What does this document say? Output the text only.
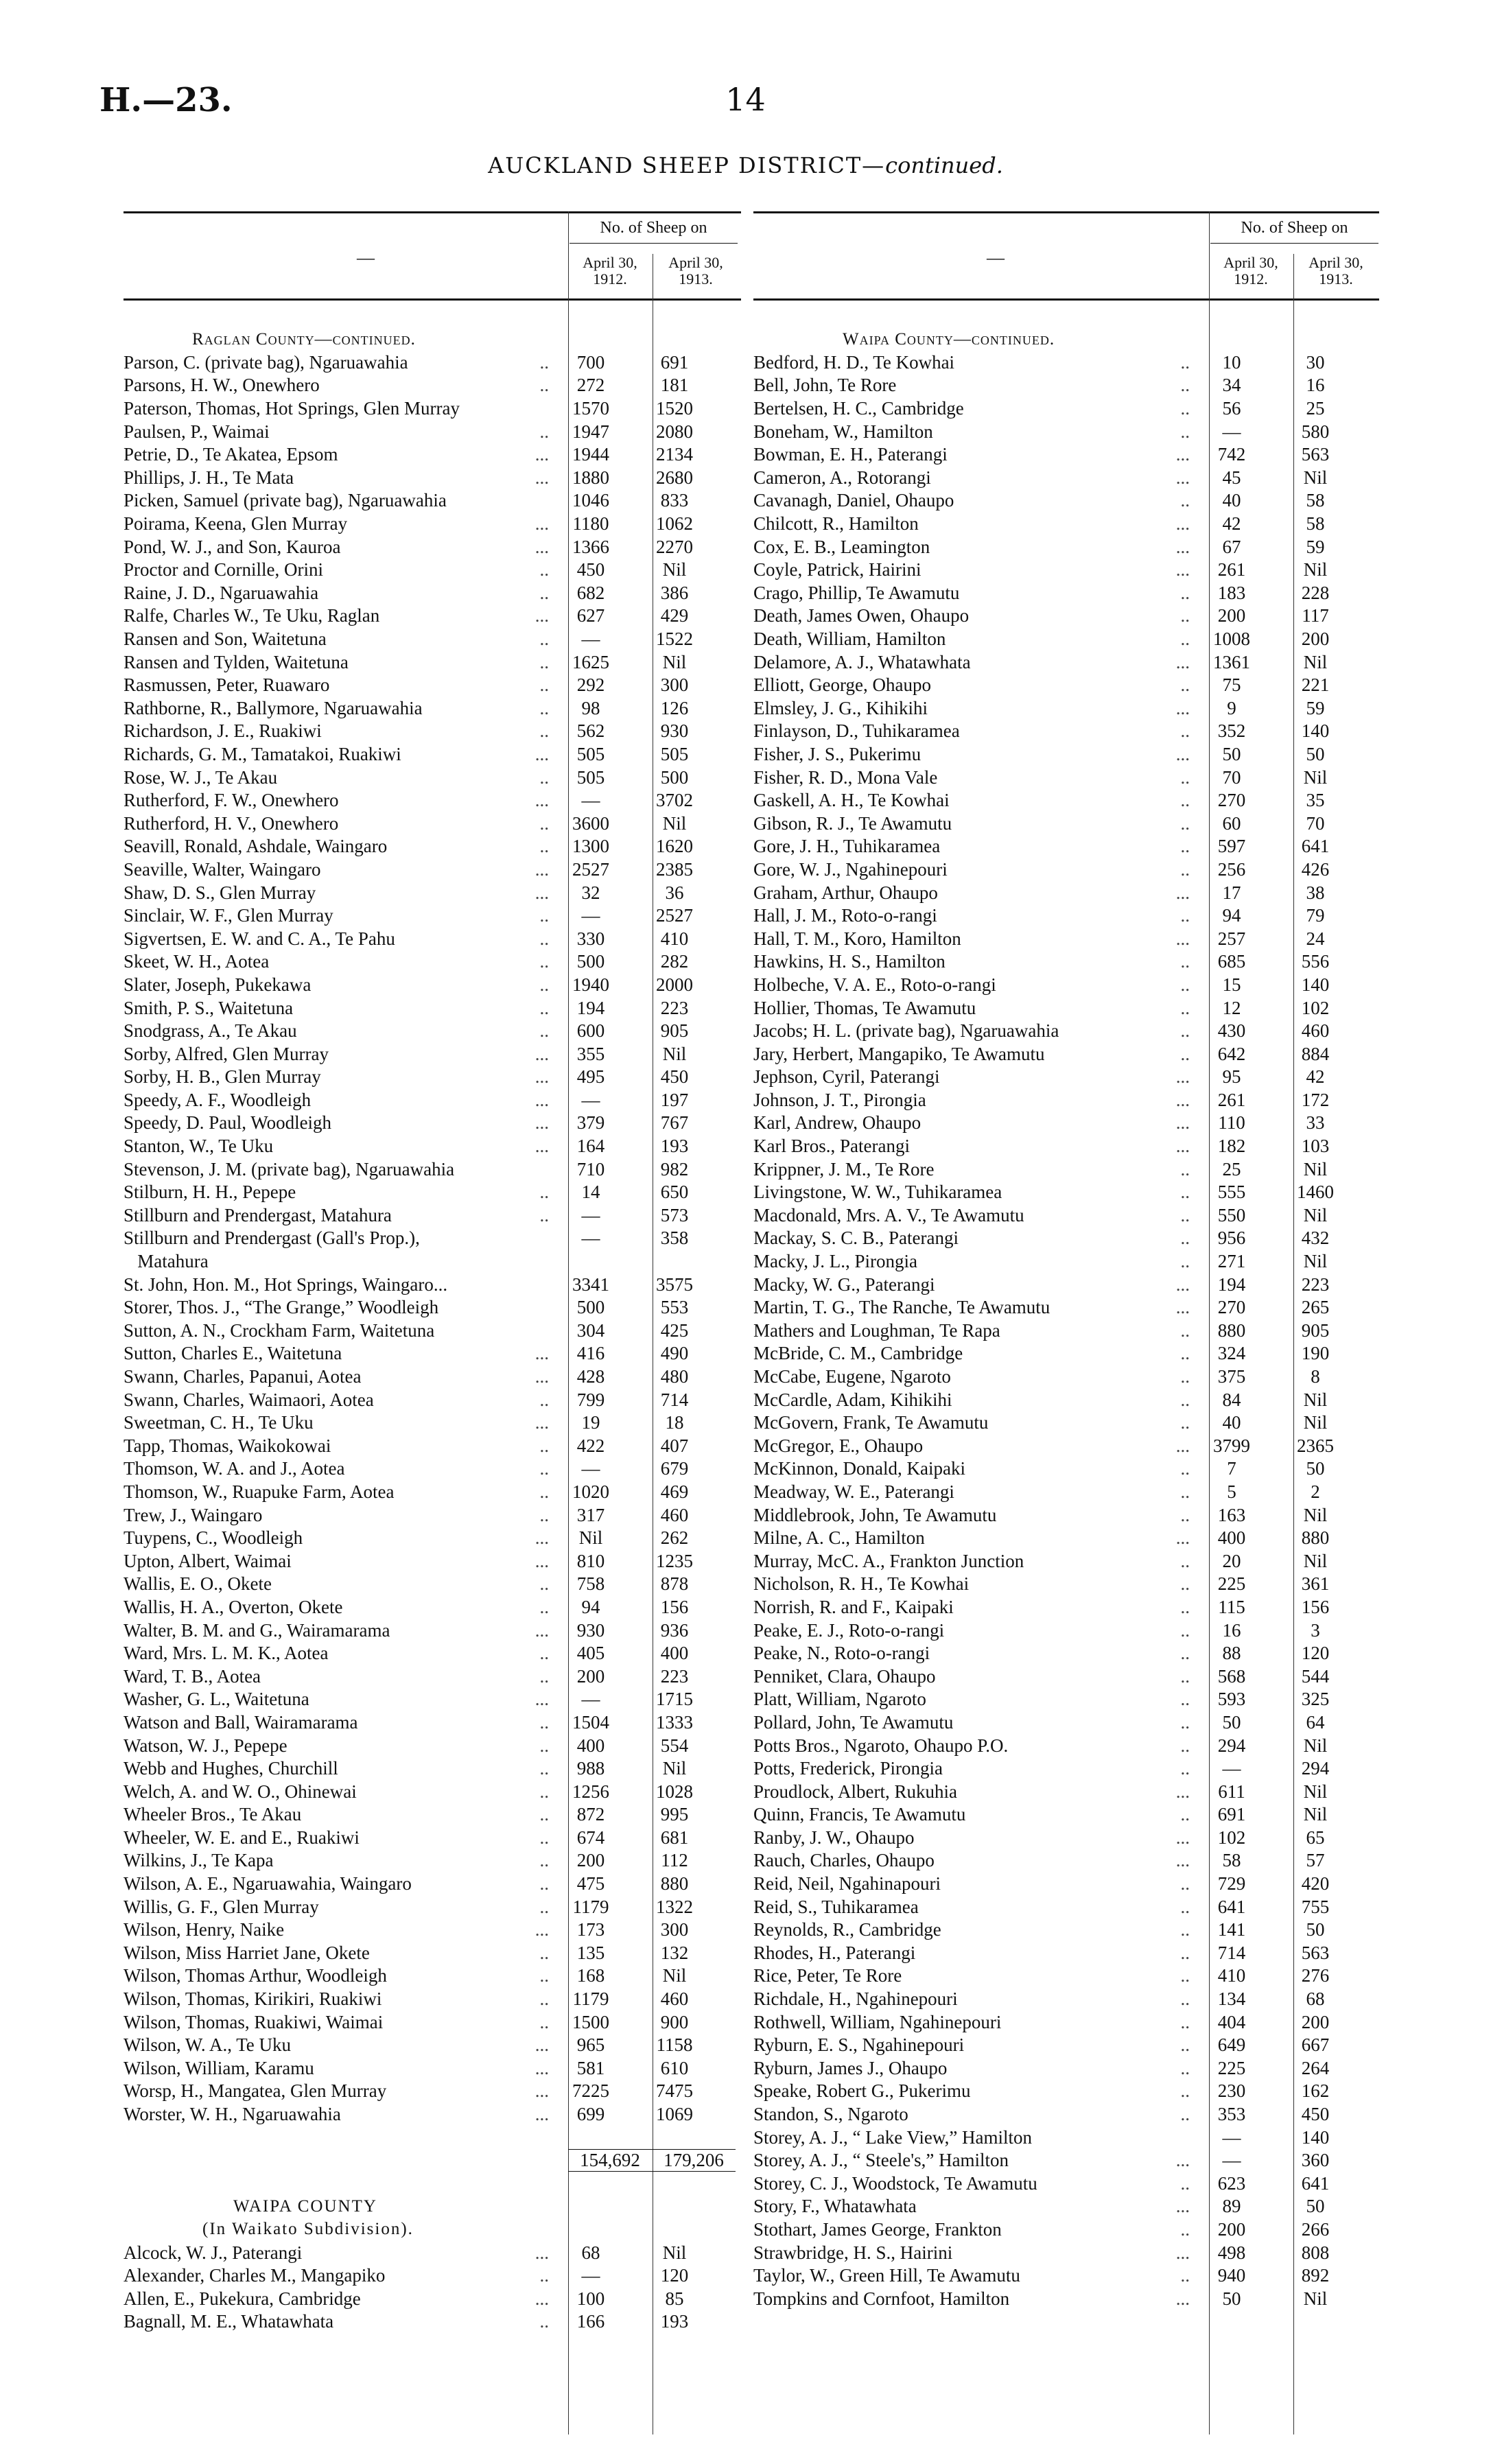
H.—23.	14
AUCKLAND SHEEP DISTRICT—continued.
—
No. of Sheep on
April 30, 1912.
April 30, 1913.
Raglan County—continued.
Parson, C. (private bag), Ngaruawahia	..	700	691
Parsons, H. W., Onewhero	..	272	181
Paterson, Thomas, Hot Springs, Glen Murray	1570	1520
Paulsen, P., Waimai	..	1947	2080
Petrie, D., Te Akatea, Epsom	...	1944	2134
Phillips, J. H., Te Mata	...	1880	2680
Picken, Samuel (private bag), Ngaruawahia	1046	833
Poirama, Keena, Glen Murray	...	1180	1062
Pond, W. J., and Son, Kauroa	...	1366	2270
Proctor and Cornille, Orini	..	450	Nil
Raine, J. D., Ngaruawahia	..	682	386
Ralfe, Charles W., Te Uku, Raglan	...	627	429
Ransen and Son, Waitetuna	..	—	1522
Ransen and Tylden, Waitetuna	..	1625	Nil
Rasmussen, Peter, Ruawaro	..	292	300
Rathborne, R., Ballymore, Ngaruawahia	..	98	126
Richardson, J. E., Ruakiwi	..	562	930
Richards, G. M., Tamatakoi, Ruakiwi	...	505	505
Rose, W. J., Te Akau	..	505	500
Rutherford, F. W., Onewhero	...	—	3702
Rutherford, H. V., Onewhero	..	3600	Nil
Seavill, Ronald, Ashdale, Waingaro	..	1300	1620
Seaville, Walter, Waingaro	...	2527	2385
Shaw, D. S., Glen Murray	...	32	36
Sinclair, W. F., Glen Murray	..	—	2527
Sigvertsen, E. W. and C. A., Te Pahu	..	330	410
Skeet, W. H., Aotea	..	500	282
Slater, Joseph, Pukekawa	..	1940	2000
Smith, P. S., Waitetuna	..	194	223
Snodgrass, A., Te Akau	..	600	905
Sorby, Alfred, Glen Murray	...	355	Nil
Sorby, H. B., Glen Murray	...	495	450
Speedy, A. F., Woodleigh	...	—	197
Speedy, D. Paul, Woodleigh	...	379	767
Stanton, W., Te Uku	...	164	193
Stevenson, J. M. (private bag), Ngaruawahia	710	982
Stilburn, H. H., Pepepe	..	14	650
Stillburn and Prendergast, Matahura	..	—	573
Stillburn and Prendergast (Gall's Prop.),	—	358
Matahura
St. John, Hon. M., Hot Springs, Waingaro...	3341	3575
Storer, Thos. J., “The Grange,” Woodleigh	500	553
Sutton, A. N., Crockham Farm, Waitetuna	304	425
Sutton, Charles E., Waitetuna	...	416	490
Swann, Charles, Papanui, Aotea	...	428	480
Swann, Charles, Waimaori, Aotea	..	799	714
Sweetman, C. H., Te Uku	...	19	18
Tapp, Thomas, Waikokowai	..	422	407
Thomson, W. A. and J., Aotea	..	—	679
Thomson, W., Ruapuke Farm, Aotea	..	1020	469
Trew, J., Waingaro	..	317	460
Tuypens, C., Woodleigh	...	Nil	262
Upton, Albert, Waimai	...	810	1235
Wallis, E. O., Okete	..	758	878
Wallis, H. A., Overton, Okete	..	94	156
Walter, B. M. and G., Wairamarama	...	930	936
Ward, Mrs. L. M. K., Aotea	..	405	400
Ward, T. B., Aotea	..	200	223
Washer, G. L., Waitetuna	...	—	1715
Watson and Ball, Wairamarama	..	1504	1333
Watson, W. J., Pepepe	..	400	554
Webb and Hughes, Churchill	..	988	Nil
Welch, A. and W. O., Ohinewai	..	1256	1028
Wheeler Bros., Te Akau	..	872	995
Wheeler, W. E. and E., Ruakiwi	..	674	681
Wilkins, J., Te Kapa	..	200	112
Wilson, A. E., Ngaruawahia, Waingaro	..	475	880
Willis, G. F., Glen Murray	..	1179	1322
Wilson, Henry, Naike	...	173	300
Wilson, Miss Harriet Jane, Okete	..	135	132
Wilson, Thomas Arthur, Woodleigh	..	168	Nil
Wilson, Thomas, Kirikiri, Ruakiwi	..	1179	460
Wilson, Thomas, Ruakiwi, Waimai	..	1500	900
Wilson, W. A., Te Uku	...	965	1158
Wilson, William, Karamu	...	581	610
Worsp, H., Mangatea, Glen Murray	...	7225	7475
Worster, W. H., Ngaruawahia	...	699	1069
154,692	179,206
WAIPA COUNTY
(In Waikato Subdivision).
Alcock, W. J., Paterangi	...	68	Nil
Alexander, Charles M., Mangapiko	..	—	120
Allen, E., Pukekura, Cambridge	...	100	85
Bagnall, M. E., Whatawhata	..	166	193
—
No. of Sheep on
April 30, 1912.
April 30, 1913.
Waipa County—continued.
Bedford, H. D., Te Kowhai	..	10	30
Bell, John, Te Rore	..	34	16
Bertelsen, H. C., Cambridge	..	56	25
Boneham, W., Hamilton	..	—	580
Bowman, E. H., Paterangi	...	742	563
Cameron, A., Rotorangi	...	45	Nil
Cavanagh, Daniel, Ohaupo	..	40	58
Chilcott, R., Hamilton	...	42	58
Cox, E. B., Leamington	...	67	59
Coyle, Patrick, Hairini	...	261	Nil
Crago, Phillip, Te Awamutu	..	183	228
Death, James Owen, Ohaupo	..	200	117
Death, William, Hamilton	..	1008	200
Delamore, A. J., Whatawhata	...	1361	Nil
Elliott, George, Ohaupo	..	75	221
Elmsley, J. G., Kihikihi	...	9	59
Finlayson, D., Tuhikaramea	..	352	140
Fisher, J. S., Pukerimu	...	50	50
Fisher, R. D., Mona Vale	..	70	Nil
Gaskell, A. H., Te Kowhai	..	270	35
Gibson, R. J., Te Awamutu	..	60	70
Gore, J. H., Tuhikaramea	..	597	641
Gore, W. J., Ngahinepouri	..	256	426
Graham, Arthur, Ohaupo	...	17	38
Hall, J. M., Roto-o-rangi	..	94	79
Hall, T. M., Koro, Hamilton	...	257	24
Hawkins, H. S., Hamilton	..	685	556
Holbeche, V. A. E., Roto-o-rangi	..	15	140
Hollier, Thomas, Te Awamutu	..	12	102
Jacobs; H. L. (private bag), Ngaruawahia	..	430	460
Jary, Herbert, Mangapiko, Te Awamutu	..	642	884
Jephson, Cyril, Paterangi	...	95	42
Johnson, J. T., Pirongia	...	261	172
Karl, Andrew, Ohaupo	...	110	33
Karl Bros., Paterangi	...	182	103
Krippner, J. M., Te Rore	..	25	Nil
Livingstone, W. W., Tuhikaramea	..	555	1460
Macdonald, Mrs. A. V., Te Awamutu	..	550	Nil
Mackay, S. C. B., Paterangi	..	956	432
Macky, J. L., Pirongia	..	271	Nil
Macky, W. G., Paterangi	...	194	223
Martin, T. G., The Ranche, Te Awamutu	...	270	265
Mathers and Loughman, Te Rapa	..	880	905
McBride, C. M., Cambridge	..	324	190
McCabe, Eugene, Ngaroto	..	375	8
McCardle, Adam, Kihikihi	..	84	Nil
McGovern, Frank, Te Awamutu	..	40	Nil
McGregor, E., Ohaupo	...	3799	2365
McKinnon, Donald, Kaipaki	..	7	50
Meadway, W. E., Paterangi	..	5	2
Middlebrook, John, Te Awamutu	..	163	Nil
Milne, A. C., Hamilton	...	400	880
Murray, McC. A., Frankton Junction	..	20	Nil
Nicholson, R. H., Te Kowhai	..	225	361
Norrish, R. and F., Kaipaki	..	115	156
Peake, E. J., Roto-o-rangi	..	16	3
Peake, N., Roto-o-rangi	..	88	120
Penniket, Clara, Ohaupo	..	568	544
Platt, William, Ngaroto	..	593	325
Pollard, John, Te Awamutu	..	50	64
Potts Bros., Ngaroto, Ohaupo P.O.	..	294	Nil
Potts, Frederick, Pirongia	..	—	294
Proudlock, Albert, Rukuhia	...	611	Nil
Quinn, Francis, Te Awamutu	..	691	Nil
Ranby, J. W., Ohaupo	...	102	65
Rauch, Charles, Ohaupo	...	58	57
Reid, Neil, Ngahinapouri	..	729	420
Reid, S., Tuhikaramea	..	641	755
Reynolds, R., Cambridge	..	141	50
Rhodes, H., Paterangi	..	714	563
Rice, Peter, Te Rore	..	410	276
Richdale, H., Ngahinepouri	..	134	68
Rothwell, William, Ngahinepouri	..	404	200
Ryburn, E. S., Ngahinepouri	..	649	667
Ryburn, James J., Ohaupo	..	225	264
Speake, Robert G., Pukerimu	..	230	162
Standon, S., Ngaroto	..	353	450
Storey, A. J., “ Lake View,” Hamilton	—	140
Storey, A. J., “ Steele's,” Hamilton	...	—	360
Storey, C. J., Woodstock, Te Awamutu	..	623	641
Story, F., Whatawhata	...	89	50
Stothart, James George, Frankton	..	200	266
Strawbridge, H. S., Hairini	...	498	808
Taylor, W., Green Hill, Te Awamutu	..	940	892
Tompkins and Cornfoot, Hamilton	...	50	Nil
